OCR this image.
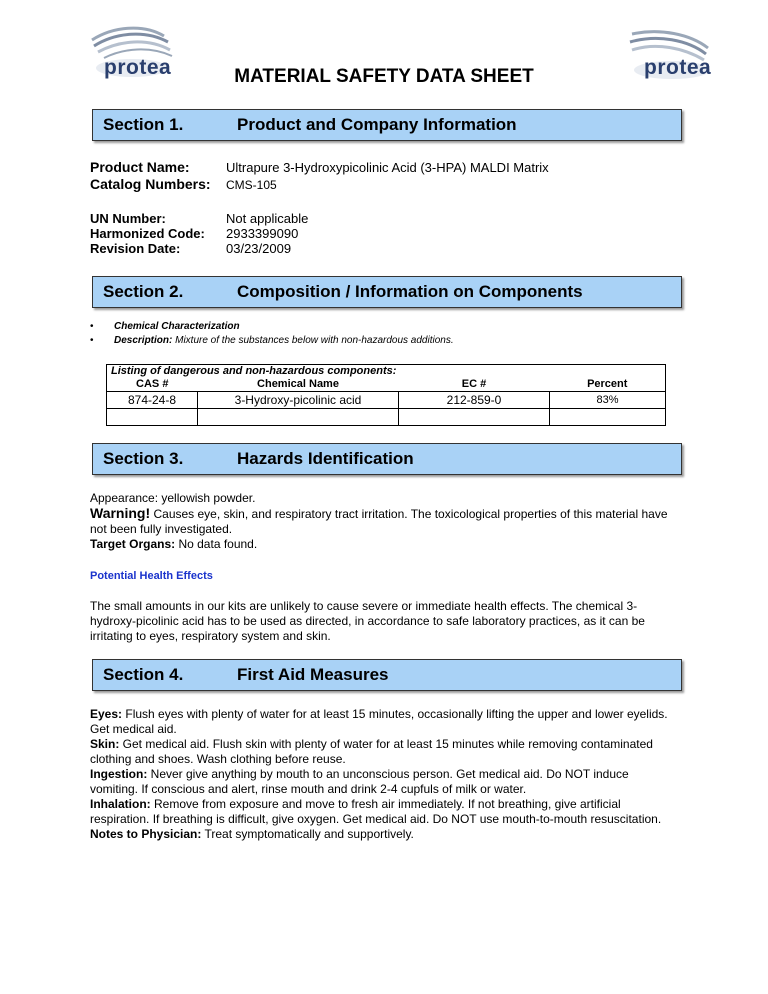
protea	protea
MATERIAL SAFETY DATA SHEET
Section 1.	Product and Company Information
Product Name:	Ultrapure 3-Hydroxypicolinic Acid (3-HPA) MALDI Matrix
Catalog Numbers: CMS-105
UN Number:	Not applicable
Harmonized Code: 2933399090
Revision Date:	03/23/2009
Section 2.	Composition / Information on Components
• Chemical Characterization
• Description: Mixture of the substances below with non-hazardous additions.
Listing of dangerous and non-hazardous components:			
CAS #	Chemical Name	EC #	Percent
874-24-8	3-Hydroxy-picolinic acid	212-859-0	83%

Section 3.	Hazards Identification
Appearance: yellowish powder.
Warning! Causes eye, skin, and respiratory tract irritation. The toxicological properties of this material have not been fully investigated.
Target Organs: No data found.
Potential Health Effects
The small amounts in our kits are unlikely to cause severe or immediate health effects. The chemical 3-hydroxy-picolinic acid has to be used as directed, in accordance to safe laboratory practices, as it can be irritating to eyes, respiratory system and skin.
Section 4.	First Aid Measures
Eyes: Flush eyes with plenty of water for at least 15 minutes, occasionally lifting the upper and lower eyelids. Get medical aid.
Skin: Get medical aid. Flush skin with plenty of water for at least 15 minutes while removing contaminated clothing and shoes. Wash clothing before reuse.
Ingestion: Never give anything by mouth to an unconscious person. Get medical aid. Do NOT induce vomiting. If conscious and alert, rinse mouth and drink 2-4 cupfuls of milk or water.
Inhalation: Remove from exposure and move to fresh air immediately. If not breathing, give artificial respiration. If breathing is difficult, give oxygen. Get medical aid. Do NOT use mouth-to-mouth resuscitation.
Notes to Physician: Treat symptomatically and supportively.
